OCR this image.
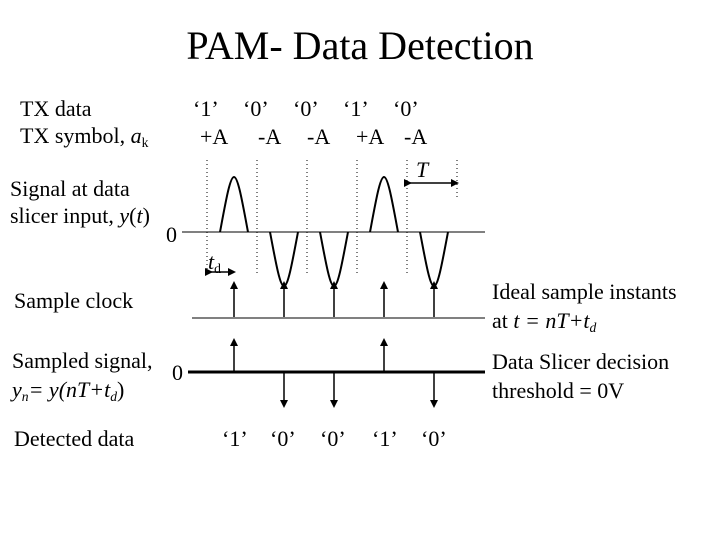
PAM- Data Detection
TX data
TX symbol, $a_k$
Signal at data
slicer input, y(t)
0
$t_d$
T
Sample clock	Ideal sample instants
at $t = nT+t_d$
Sampled signal, 0
$y_n= y(nT+t_d)$
Data Slicer decision
threshold = 0V
Detected data
‘1’ ‘0’ ‘0’ ‘1’ ‘0’
+A -A -A +A -A
‘1’ ‘0’ ‘0’ ‘1’ ‘0’
